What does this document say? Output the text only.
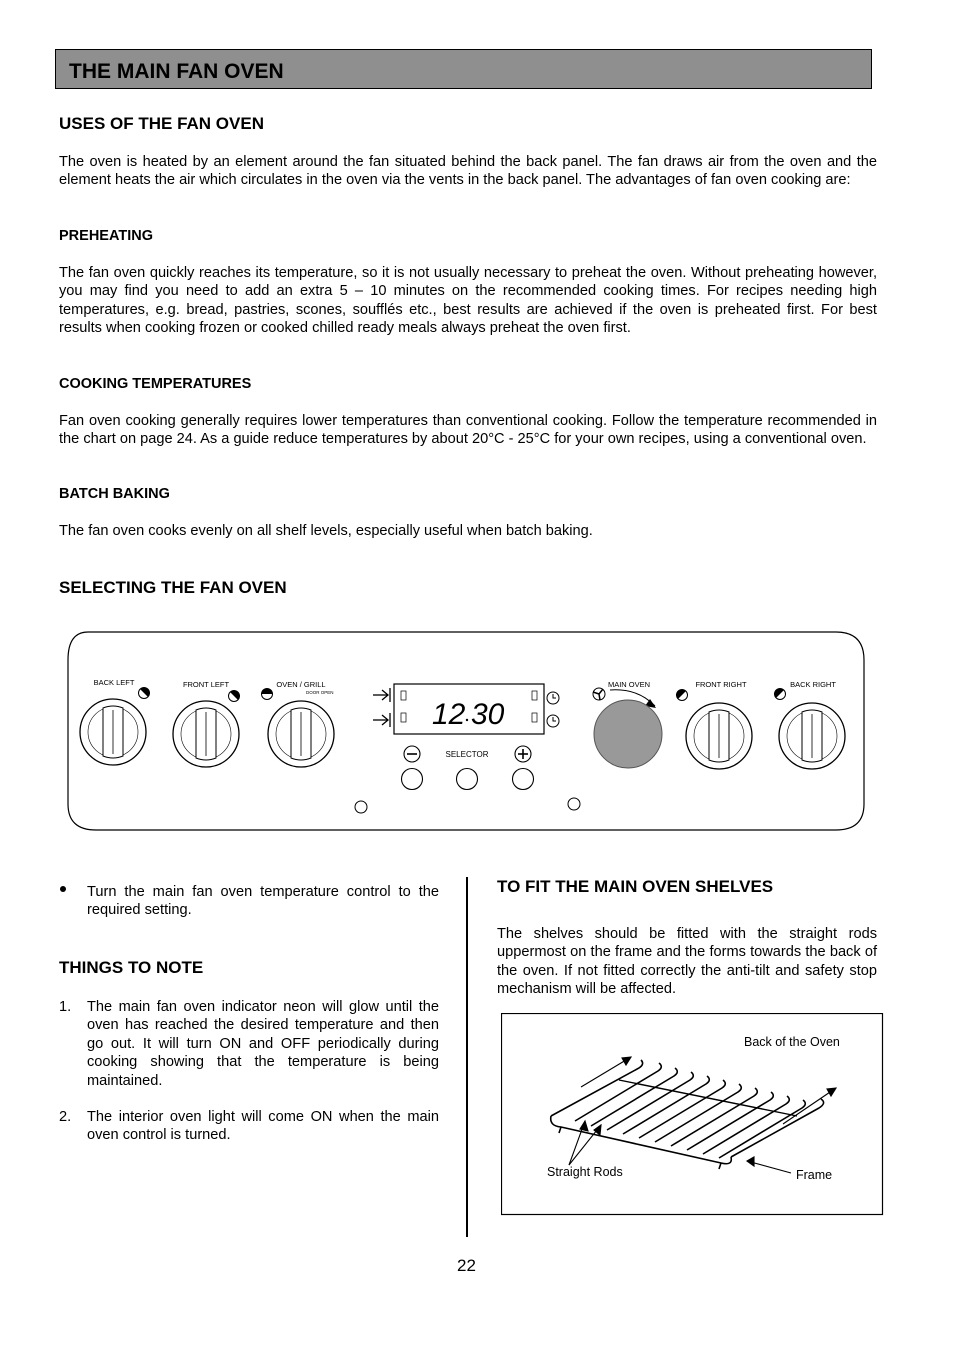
THE MAIN FAN OVEN
USES OF THE FAN OVEN
The oven is heated by an element around the fan situated behind the back panel. The fan draws air from the oven and the element heats the air which circulates in the oven via the vents in the back panel. The advantages of fan oven cooking are:
PREHEATING
The fan oven quickly reaches its temperature, so it is not usually necessary to preheat the oven. Without preheating however, you may find you need to add an extra 5 – 10 minutes on the recommended cooking times. For recipes needing high temperatures, e.g. bread, pastries, scones, soufflés etc., best results are achieved if the oven is preheated first. For best results when cooking frozen or cooked chilled ready meals always preheat the oven first.
COOKING TEMPERATURES
Fan oven cooking generally requires lower temperatures than conventional cooking. Follow the temperature recommended in the chart on page 24. As a guide reduce temperatures by about 20°C - 25°C for your own recipes, using a conventional oven.
BATCH BAKING
The fan oven cooks evenly on all shelf levels, especially useful when batch baking.
SELECTING THE FAN OVEN
BACK LEFT	FRONT LEFT	OVEN / GRILL
DOOR OPEN
MAIN OVEN	FRONT RIGHT	BACK RIGHT
12 30
SELECTOR
Turn the main fan oven temperature control to the required setting.
THINGS TO NOTE
1. The main fan oven indicator neon will glow until the oven has reached the desired temperature and then go out. It will turn ON and OFF periodically during cooking showing that the temperature is being maintained.
2. The interior oven light will come ON when the main oven control is turned.
TO FIT THE MAIN OVEN SHELVES
The shelves should be fitted with the straight rods uppermost on the frame and the forms towards the back of the oven. If not fitted correctly the anti-tilt and safety stop mechanism will be affected.
Back of the Oven
Straight Rods	Frame
22
